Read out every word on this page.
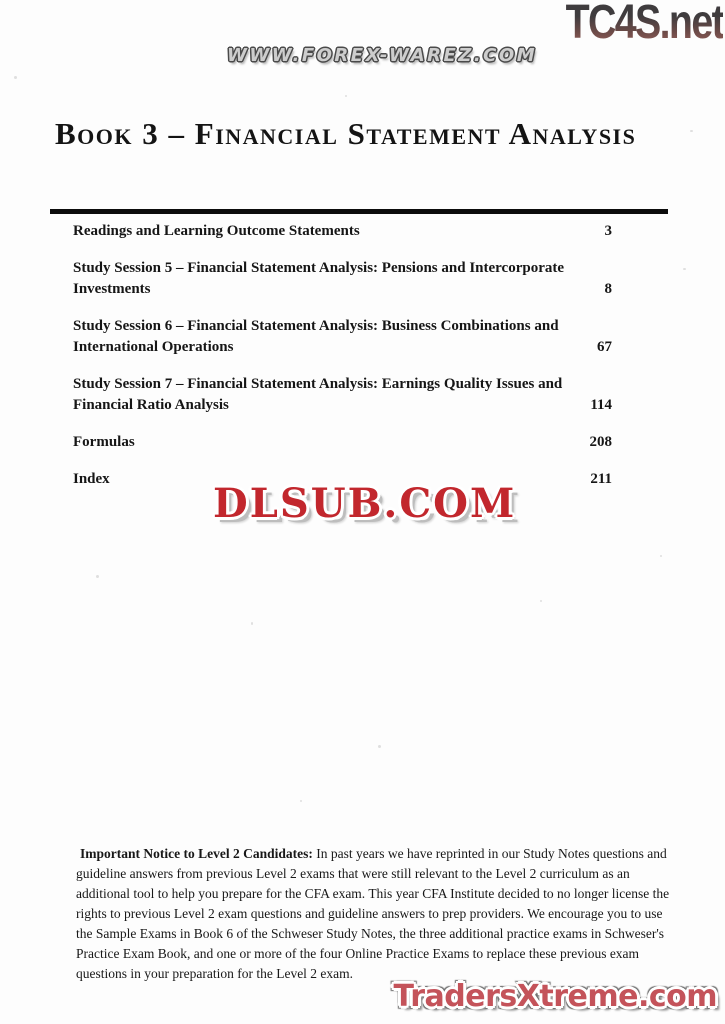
TC4S.net
WWW.FOREX-WAREZ.COM
DLSUB.COM
TradersXtreme.com
Book 3 – Financial Statement Analysis
Readings and Learning Outcome Statements	3
Study Session 5 – Financial Statement Analysis: Pensions and Intercorporate
Investments	8
Study Session 6 – Financial Statement Analysis: Business Combinations and
International Operations	67
Study Session 7 – Financial Statement Analysis: Earnings Quality Issues and
Financial Ratio Analysis	114
Formulas	208
Index	211

Important Notice to Level 2 Candidates: In past years we have reprinted in our Study Notes questions and guideline answers from previous Level 2 exams that were still relevant to the Level 2 curriculum as an additional tool to help you prepare for the CFA exam. This year CFA Institute decided to no longer license the rights to previous Level 2 exam questions and guideline answers to prep providers. We encourage you to use the Sample Exams in Book 6 of the Schweser Study Notes, the three additional practice exams in Schweser's Practice Exam Book, and one or more of the four Online Practice Exams to replace these previous exam questions in your preparation for the Level 2 exam.
